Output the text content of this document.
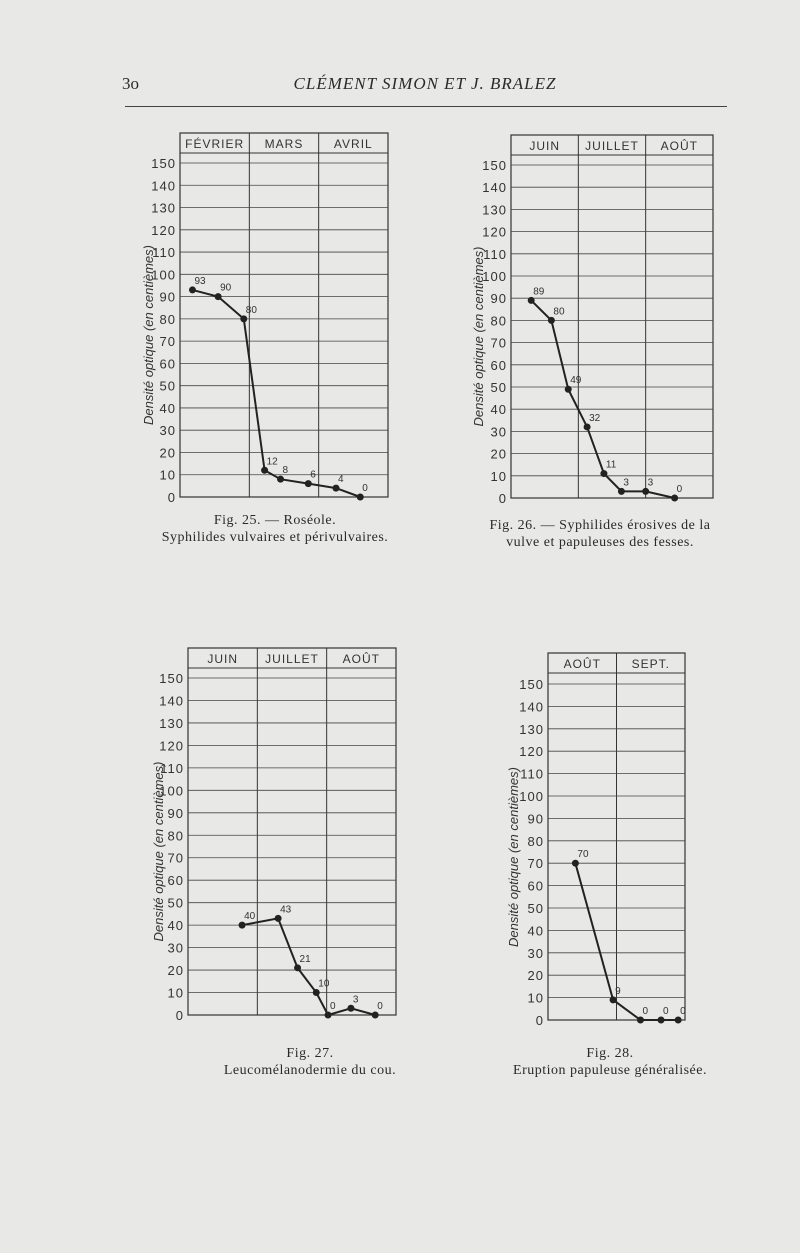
3o	CLÉMENT SIMON ET J. BRALEZ
FÉVRIER MARS	AVRIL
0
10
20
30
40
50
60
70
80
90
100
110
120
130
140
150
Densité optique (en centièmes)	93
90
80
12
8 6 4
0
JUIN JUILLET AOÛT
0
10
20
30
40
50
60
70
80
90
100
110
120
130
140
150
Densité optique (en centièmes)	89
80
49
32
11
3 3
0
JUIN JUILLET AOÛT
0
10
20
30
40
50
60
70
80
90
100
110
120
130
140
150
Densité optique (en centièmes)	40
43
21
10
0
3
0
AOÛT	SEPT.
0
10
20
30
40
50
60
70
80
90
100
110
120
130
140
150
Densité optique (en centièmes)	70
9
0 0 0
Fig. 25. — Roséole.
Syphilides vulvaires et périvulvaires.
Fig. 26. — Syphilides érosives de la
vulve et papuleuses des fesses.
Fig. 27.
Leucomélanodermie du cou.
Fig. 28.
Eruption papuleuse généralisée.
